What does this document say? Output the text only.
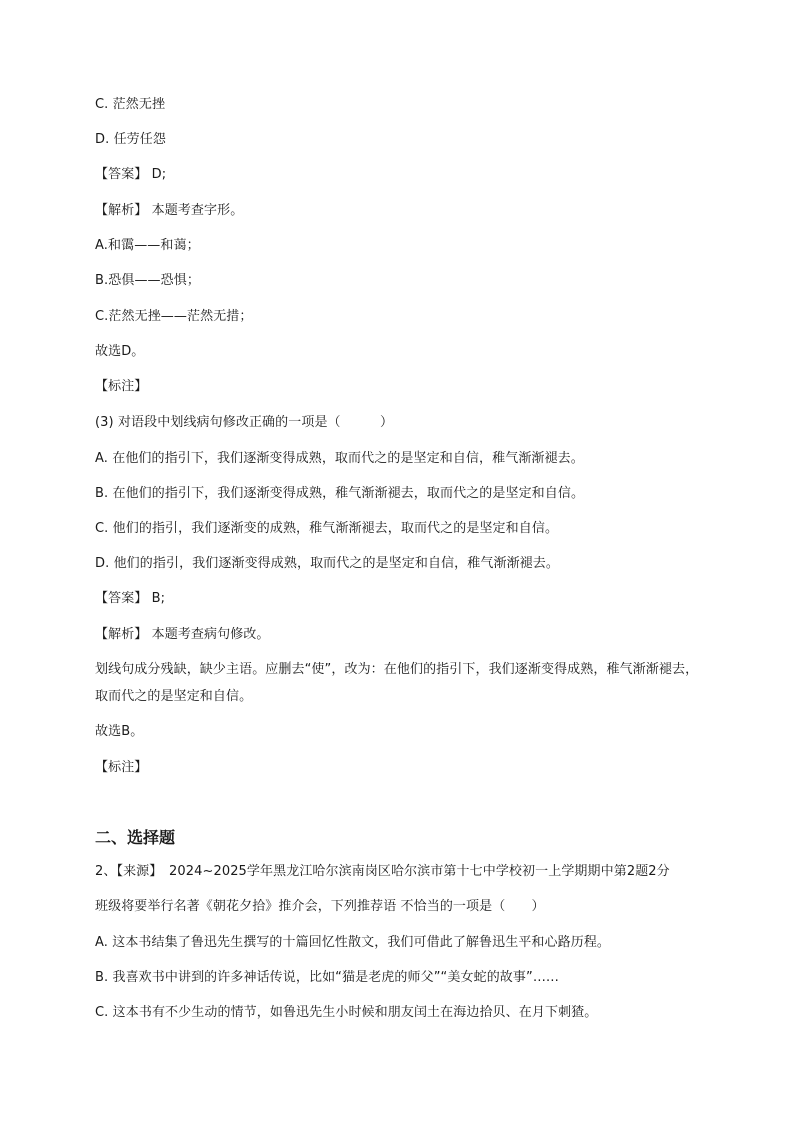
C. 茫然无挫
D. 任劳任怨
【答案】 D;
【解析】 本题考查字形。
A.和霭——和蔼；
B.恐俱——恐惧；
C.茫然无挫——茫然无措；
故选D。
【标注】
(3) 对语段中划线病句修改正确的一项是（　　　）
A. 在他们的指引下，我们逐渐变得成熟，取而代之的是坚定和自信，稚气渐渐褪去。
B. 在他们的指引下，我们逐渐变得成熟，稚气渐渐褪去，取而代之的是坚定和自信。
C. 他们的指引，我们逐渐变的成熟，稚气渐渐褪去，取而代之的是坚定和自信。
D. 他们的指引，我们逐渐变得成熟，取而代之的是坚定和自信，稚气渐渐褪去。
【答案】 B;
【解析】 本题考查病句修改。
划线句成分残缺，缺少主语。应删去“使”，改为：在他们的指引下，我们逐渐变得成熟，稚气渐渐褪去，取而代之的是坚定和自信。
故选B。
【标注】
二、选择题
2、【来源】　2024~2025学年黑龙江哈尔滨南岗区哈尔滨市第十七中学校初一上学期期中第2题2分
班级将要举行名著《朝花夕拾》推介会，下列推荐语 不恰当的一项是（　　）
A. 这本书结集了鲁迅先生撰写的十篇回忆性散文，我们可借此了解鲁迅生平和心路历程。
B. 我喜欢书中讲到的许多神话传说，比如“猫是老虎的师父”“美女蛇的故事”……
C. 这本书有不少生动的情节，如鲁迅先生小时候和朋友闰土在海边拾贝、在月下刺猹。
